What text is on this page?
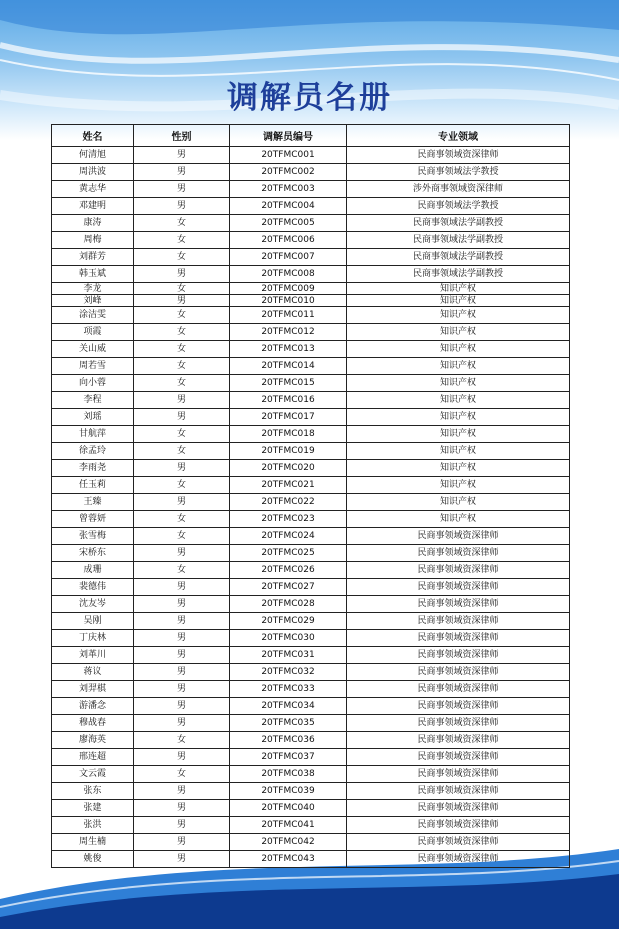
调解员名册
姓名	性别	调解员编号	专业领域
何清旭	男	20TFMC001	民商事领域资深律师
周洪波	男	20TFMC002	民商事领域法学教授
黄志华	男	20TFMC003	涉外商事领域资深律师
邓建明	男	20TFMC004	民商事领域法学教授
康涛	女	20TFMC005	民商事领域法学副教授
周梅	女	20TFMC006	民商事领域法学副教授
刘群芳	女	20TFMC007	民商事领域法学副教授
韩玉斌	男	20TFMC008	民商事领域法学副教授
李龙	女	20TFMC009	知识产权
刘峰	男	20TFMC010	知识产权
涂洁雯	女	20TFMC011	知识产权
项霞	女	20TFMC012	知识产权
关山威	女	20TFMC013	知识产权
周若雪	女	20TFMC014	知识产权
向小蓉	女	20TFMC015	知识产权
李程	男	20TFMC016	知识产权
刘瑶	男	20TFMC017	知识产权
甘航萍	女	20TFMC018	知识产权
徐孟玲	女	20TFMC019	知识产权
李雨尧	男	20TFMC020	知识产权
任玉莉	女	20TFMC021	知识产权
王臻	男	20TFMC022	知识产权
曾蓉妍	女	20TFMC023	知识产权
张雪梅	女	20TFMC024	民商事领域资深律师
宋桥东	男	20TFMC025	民商事领域资深律师
成珊	女	20TFMC026	民商事领域资深律师
裴德伟	男	20TFMC027	民商事领域资深律师
沈友岑	男	20TFMC028	民商事领域资深律师
吴刚	男	20TFMC029	民商事领域资深律师
丁庆林	男	20TFMC030	民商事领域资深律师
刘革川	男	20TFMC031	民商事领域资深律师
蒋议	男	20TFMC032	民商事领域资深律师
刘羿棋	男	20TFMC033	民商事领域资深律师
游潘念	男	20TFMC034	民商事领域资深律师
穆战春	男	20TFMC035	民商事领域资深律师
廖海英	女	20TFMC036	民商事领域资深律师
邢连超	男	20TFMC037	民商事领域资深律师
文云霞	女	20TFMC038	民商事领域资深律师
张东	男	20TFMC039	民商事领域资深律师
张建	男	20TFMC040	民商事领域资深律师
张洪	男	20TFMC041	民商事领域资深律师
周生楠	男	20TFMC042	民商事领域资深律师
姚俊	男	20TFMC043	民商事领域资深律师
